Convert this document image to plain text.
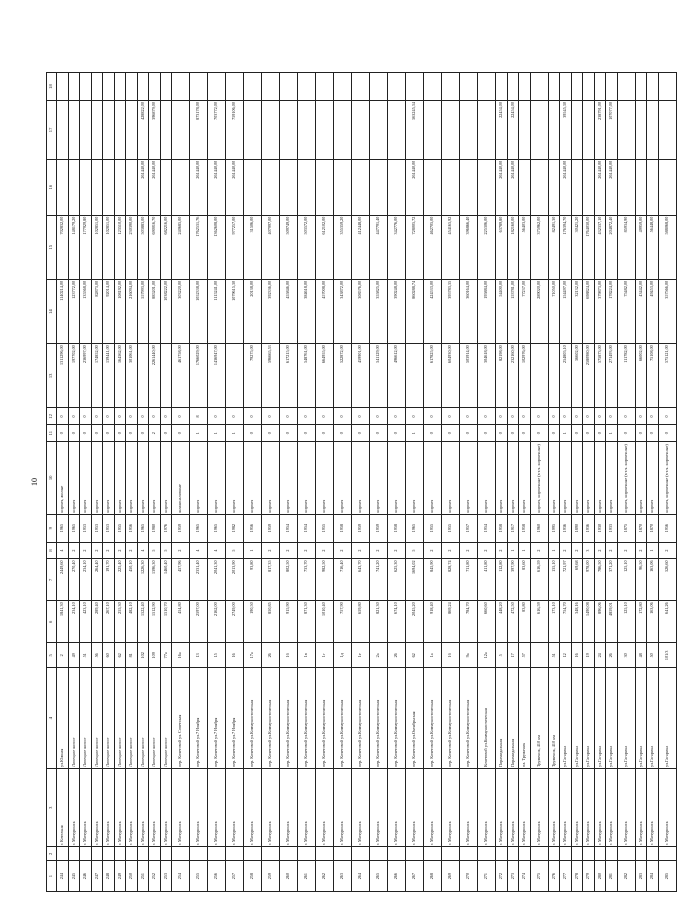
10
1	2	3	4	5	6	7	8	9	10	11	12	13	14	15	16	17	18
244		г. Котельня	ул.Южная	2	1841,30	2449,60	4	1965	кирпич, жилые	0	0	1311296,00	1140214,00	702832,00			
245		г. Мичуринск	Липецкое шоссе	49	234,10	270,40	2	1965	кирпич	0	0	197702,00	123772,00	148179,20			
246		г. Мичуринск	Липецкое шоссе	51	423,10	234,10	2	1953	кирпич	0	0	236997,00	135568,00	177929,80			
247		г. Мичуринск	Липецкое шоссе	56	289,40	264,40	2	1953	кирпич	0	0	174852,00	82873,00	102851,00			
248		г. Мичуринск	Липецкое шоссе	60	267,10	191,70	2	1953	кирпич	0	0	139441,00	92014,00	102851,00			
249		г. Мичуринск	Липецкое шоссе	62	255,30	225,40	2	1955	кирпич	0	0	164562,00	108192,00	123510,00			
250		г. Мичуринск	Липецкое шоссе	81	482,10	450,10	2	1956	кирпич	0	0	301061,00	216094,00	230390,00			
251		г. Мичуринск	Липецкое шоссе	102	1522,40	1226,30	4	1965	кирпич	0	0		557993,00	503883,00	261440,00	428822,00	
252		г. Мичуринск	Липецкое шоссе	109	1512,90	1396,30	5	1980	кирпич	2	0	2261440,00	885201,00	690016,70	261440,00	396879,00	
253		г. Мичуринск	Липецкое шоссе	77а	1510,70	1460,40	5	1976	кирпич	0	0		1038222,00	682216,00			
254		г. Мичуринск	пер. Кочетовой ул. Советская	16а	454,80	457,96	2	1959	шлаконаливные	0	0	461758,00	303220,00	240685,00			
255		г. Мичуринск	пер. Кочетовой ул.7 Ноября	13	2597,00	2331,40	4	1965	кирпич	1	8	1766029,00	1052338,00	1762531,76	261440,00	873178,00	
256		г. Мичуринск	пер. Кочетовой ул.7 Ноября	15	2162,00	2041,30	4	1965	кирпич	1	0	1436947,00	1115241,00	1362608,00	261440,00	703772,00	
257		г. Мичуринск	пер. Кочетовой ул.7 Ноября	16	2749,00	2013,90	5	1982	кирпич	1	0		1079615,30	977257,00	261440,00	759106,00	
258		г. Мичуринск	пер. Кочетовой ул.Коммунистическая	17а	190,50	93,80	1	1956	кирпич	0	0	79275,00	20138,00	31506,00			
259		г. Мичуринск	пер. Кочетовой ул.Коммунистическая	26	850,85	817,35	2	1959	кирпич	0	0	596665,53	392336,00	407997,00			
260		г. Мичуринск	пер. Кочетовой ул.Коммунистическая	1б	915,90	802,50	2	1954	кирпич	0	0	617215,00	455846,00	509749,00			
261		г. Мичуринск	пер. Кочетовой ул.Коммунистическая	1в	871,30	733,70	2	1954	кирпич	0	0	548761,00	384618,00	503572,00			
262		г. Мичуринск	пер. Кочетовой ул.Коммунистическая	1г	1010,40	982,50	2	1955	кирпич	0	0	664955,00	457008,00	612102,00			
263		г. Мичуринск	пер. Кочетовой ул.Коммунистическая	1д	757,90	716,40	2	1958	кирпич	0	0	522872,00	343872,00	355359,20			
264		г. Мичуринск	пер. Кочетовой ул.Коммунистическая	1е	659,80	643,70	2	1959	кирпич	0	0	459901,00	308576,00	412448,00			
265		г. Мичуринск	пер. Кочетовой ул.Коммунистическая	2а	821,30	741,20	2	1959	кирпич	0	0	541129,00	355825,00	447791,40			
266		г. Мичуринск	пер. Кочетовой ул.Коммунистическая	26	674,10	625,30	2	1958	кирпич	0	0	496612,00	390248,00	342776,00			
267		г. Мичуринск	пер. Кочетовой ул.Октябрьская	62	2045,20	1694,02	5	1965	кирпич	1	0		860288,74	728005,72	261440,00	563245,34	
268		г. Мичуринск	пер. Кочетовой ул.Коммунистическая	1а	918,40	845,90	2	1955	кирпич	0	0	617825,00	424533,00	462705,00			
269		г. Мичуринск	пер. Кочетовой ул.Коммунистическая	1б	869,24	828,74	2	1955	кирпич	0	0	604930,00	395783,35	454165,92			
270		г. Мичуринск	пер. Кочетовой ул.Коммунистическая	9а	784,70	711,80	2	1957	кирпич	0	0	503914,00	360164,00	396866,40			
271		г. Мичуринск	Кочетовой ул.Коммунистическая	12а	660,60	411,80	2	1954	кирпич	0	0	304618,00	195884,00	225306,00			
272		г. Мичуринск	Пирамидальная	5	448,20	112,80	2	1958	кирпич	0	0	82198,00	54400,00	63789,80	261440,00	22454,00	
273		г. Мичуринск	Пирамидальная	17	472,50	397,90	1	1917	кирпич	0	0	232160,00	153781,00	182160,00	261440,00	22454,00	
274		г. Мичуринск	пл. Труженик	57	83,80	83,60	1	1958	кирпич	0	0	102976,00	77237,00	56403,00			
275		г. Мичуринск	Труженик, 410 км		616,59	616,59	2	1960	кирпич, кирпичные (в т.ч. кирпичные)	0	0		289020,00	375962,00			
276		г. Мичуринск	Труженик, 410 км	51	173,10	135,10	1	1995	кирпич	0	0		71050,00	82491,30			
277		г. Мичуринск	ул.Гагарина	12	754,70	721,97	2	1936	кирпич	1	0	254805,10	154497,00	176394,70	261440,00	39545,30	
278		г. Мичуринск	ул.Гагарина	16	348,16	69,68	2	1890	кирпич	0	0	56602,00	32132,00	30421,20			
279		г. Мичуринск	ул.Гагарина	19	1490,08	978,00	3	1936	кирпич	0	0	2580980,00	698824,00	1764030,00			
280		г. Мичуринск	ул.Гагарина	24	896,06	786,50	2	1930	кирпич	0	0	575873,00	379873,00	432337,10	261440,00	238791,00	
281		г. Мичуринск	ул.Гагарина	26	4859,01	371,20	2	1933	кирпич	1	0	271493,00	178224,00	204872,40	261440,00	107077,00	
282		г. Мичуринск	ул.Гагарина	30	125,10	125,10	2	1875	кирпич, кирпичные (в т.ч. кирпичные)	0	0	111782,00	75482,00	85934,90			
283		г. Мичуринск	ул.Гагарина	48	172,80	96,50	2	1870	кирпич	0	0	66002,00	43442,00	49959,00			
284		г. Мичуринск	ул.Гагарина	50	163,06	163,06	1	1870	кирпич	0	0	75108,00	49453,00	56448,00			
285		г. Мичуринск	ул.Гагарина	101/3	641,26	526,60	2	1956	кирпич, кирпичные (в т.ч. кирпичные)	0	0	575121,00	357566,00	588068,00			
